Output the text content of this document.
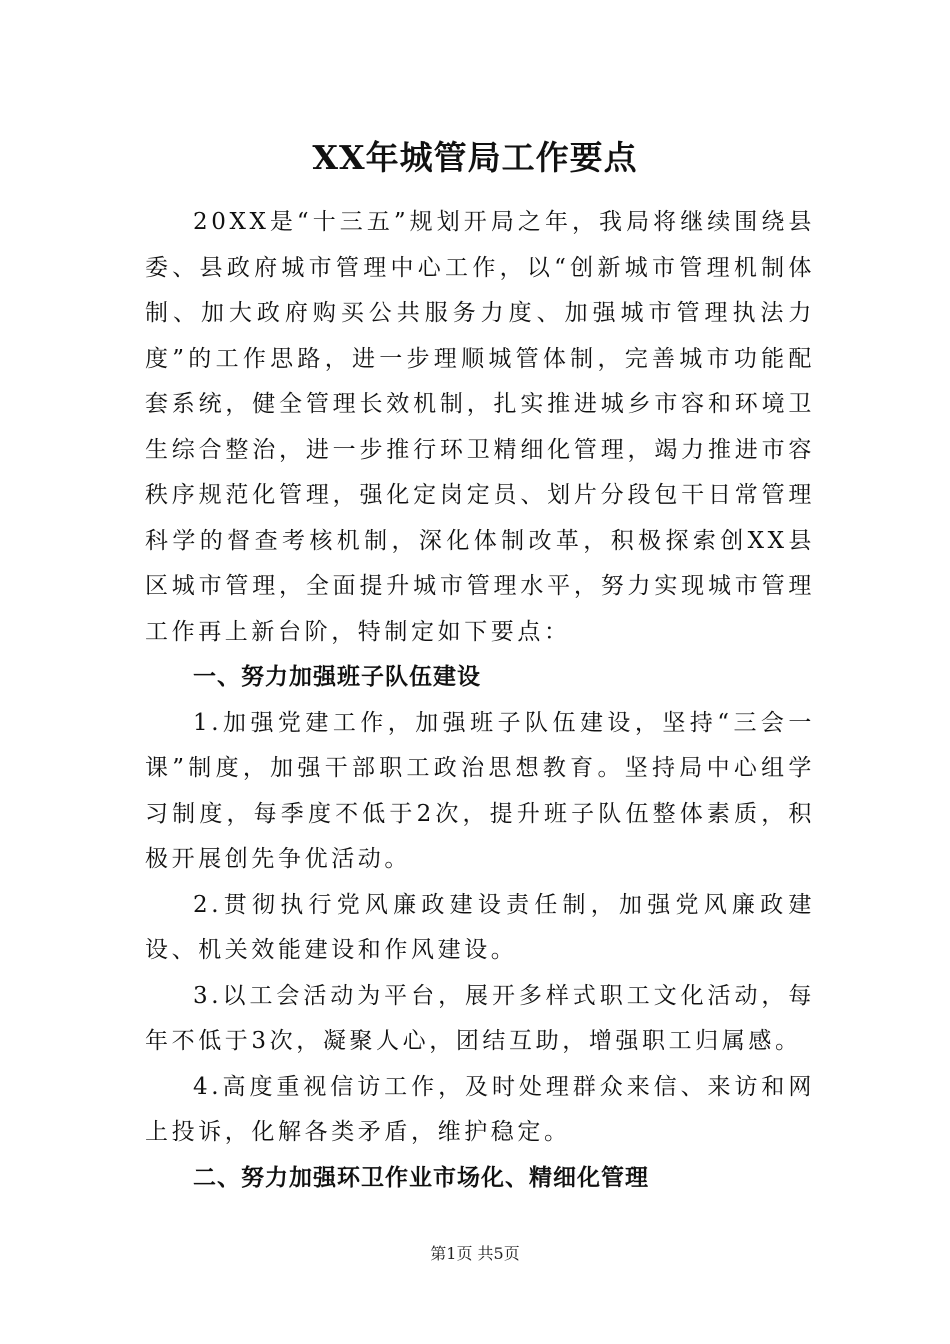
XX年城管局工作要点

20XX是“十三五”规划开局之年，我局将继续围绕县委、县政府城市管理中心工作，以“创新城市管理机制体制、加大政府购买公共服务力度、加强城市管理执法力度”的工作思路，进一步理顺城管体制，完善城市功能配套系统，健全管理长效机制，扎实推进城乡市容和环境卫生综合整治，进一步推行环卫精细化管理，竭力推进市容秩序规范化管理，强化定岗定员、划片分段包干日常管理科学的督查考核机制，深化体制改革，积极探索创XX县区城市管理，全面提升城市管理水平，努力实现城市管理工作再上新台阶，特制定如下要点：

一、努力加强班子队伍建设

1.加强党建工作，加强班子队伍建设，坚持“三会一课”制度，加强干部职工政治思想教育。坚持局中心组学习制度，每季度不低于2次，提升班子队伍整体素质，积极开展创先争优活动。

2.贯彻执行党风廉政建设责任制，加强党风廉政建设、机关效能建设和作风建设。

3.以工会活动为平台，展开多样式职工文化活动，每年不低于3次，凝聚人心，团结互助，增强职工归属感。

4.高度重视信访工作，及时处理群众来信、来访和网上投诉，化解各类矛盾，维护稳定。

二、努力加强环卫作业市场化、精细化管理

第1页 共5页
